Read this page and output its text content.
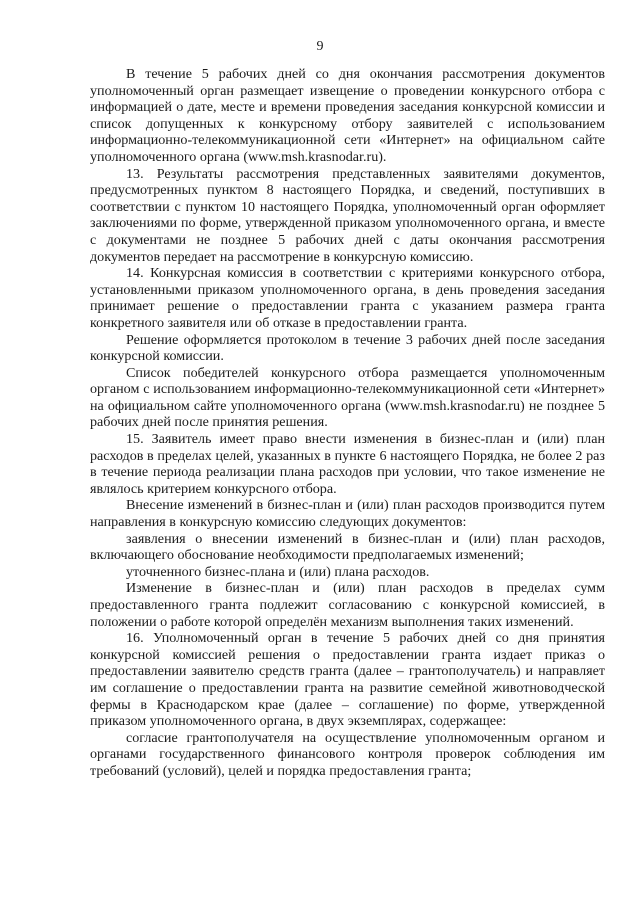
9

В течение 5 рабочих дней со дня окончания рассмотрения документов уполномоченный орган размещает извещение о проведении конкурсного отбора с информацией о дате, месте и времени проведения заседания конкурсной комиссии и список допущенных к конкурсному отбору заявителей с использованием информационно-телекоммуникационной сети «Интернет» на официальном сайте уполномоченного органа (www.msh.krasnodar.ru).

13. Результаты рассмотрения представленных заявителями документов, предусмотренных пунктом 8 настоящего Порядка, и сведений, поступивших в соответствии с пунктом 10 настоящего Порядка, уполномоченный орган оформляет заключениями по форме, утвержденной приказом уполномоченного органа, и вместе с документами не позднее 5 рабочих дней с даты окончания рассмотрения документов передает на рассмотрение в конкурсную комиссию.

14. Конкурсная комиссия в соответствии с критериями конкурсного отбора, установленными приказом уполномоченного органа, в день проведения заседания принимает решение о предоставлении гранта с указанием размера гранта конкретного заявителя или об отказе в предоставлении гранта.

Решение оформляется протоколом в течение 3 рабочих дней после заседания конкурсной комиссии.

Список победителей конкурсного отбора размещается уполномоченным органом с использованием информационно-телекоммуникационной сети «Интернет» на официальном сайте уполномоченного органа (www.msh.krasnodar.ru) не позднее 5 рабочих дней после принятия решения.

15. Заявитель имеет право внести изменения в бизнес-план и (или) план расходов в пределах целей, указанных в пункте 6 настоящего Порядка, не более 2 раз в течение периода реализации плана расходов при условии, что такое изменение не являлось критерием конкурсного отбора.

Внесение изменений в бизнес-план и (или) план расходов производится путем направления в конкурсную комиссию следующих документов:

заявления о внесении изменений в бизнес-план и (или) план расходов, включающего обоснование необходимости предполагаемых изменений;

уточненного бизнес-плана и (или) плана расходов.

Изменение в бизнес-план и (или) план расходов в пределах сумм предоставленного гранта подлежит согласованию с конкурсной комиссией, в положении о работе которой определён механизм выполнения таких изменений.

16. Уполномоченный орган в течение 5 рабочих дней со дня принятия конкурсной комиссией решения о предоставлении гранта издает приказ о предоставлении заявителю средств гранта (далее – грантополучатель) и направляет им соглашение о предоставлении гранта на развитие семейной животноводческой фермы в Краснодарском крае (далее – соглашение) по форме, утвержденной приказом уполномоченного органа, в двух экземплярах, содержащее:

согласие грантополучателя на осуществление уполномоченным органом и органами государственного финансового контроля проверок соблюдения им требований (условий), целей и порядка предоставления гранта;
